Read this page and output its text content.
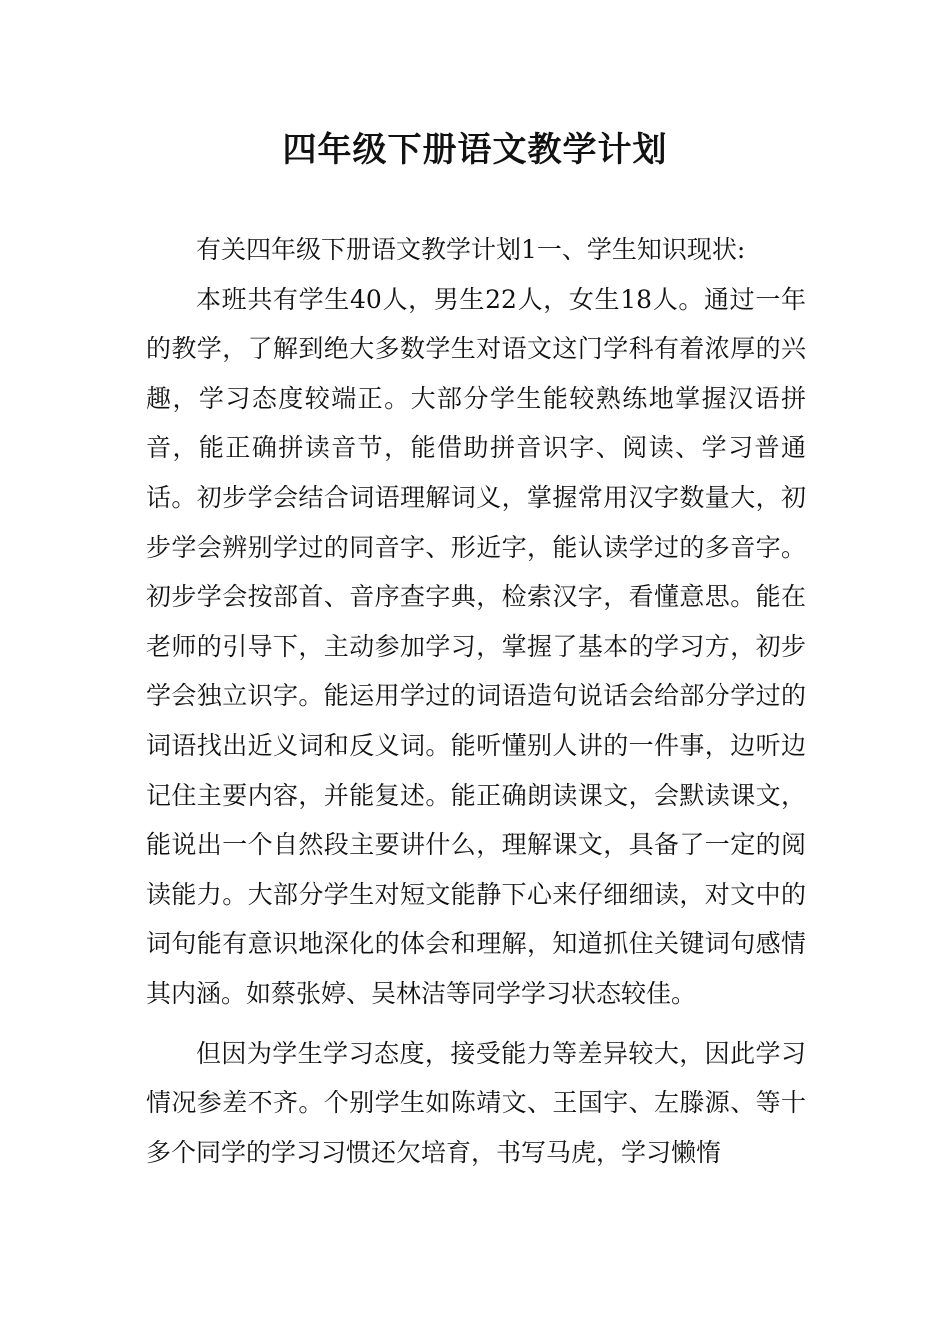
四年级下册语文教学计划

有关四年级下册语文教学计划1一、学生知识现状:

本班共有学生40人，男生22人，女生18人。通过一年的教学，了解到绝大多数学生对语文这门学科有着浓厚的兴趣，学习态度较端正。大部分学生能较熟练地掌握汉语拼音，能正确拼读音节，能借助拼音识字、阅读、学习普通话。初步学会结合词语理解词义，掌握常用汉字数量大，初步学会辨别学过的同音字、形近字，能认读学过的多音字。初步学会按部首、音序查字典，检索汉字，看懂意思。能在老师的引导下，主动参加学习，掌握了基本的学习方，初步学会独立识字。能运用学过的词语造句说话会给部分学过的词语找出近义词和反义词。能听懂别人讲的一件事，边听边记住主要内容，并能复述。能正确朗读课文，会默读课文，能说出一个自然段主要讲什么，理解课文，具备了一定的阅读能力。大部分学生对短文能静下心来仔细细读，对文中的词句能有意识地深化的体会和理解，知道抓住关键词句感情其内涵。如蔡张婷、吴林洁等同学学习状态较佳。

但因为学生学习态度，接受能力等差异较大，因此学习情况参差不齐。个别学生如陈靖文、王国宇、左滕源、等十多个同学的学习习惯还欠培育，书写马虎，学习懒惰
